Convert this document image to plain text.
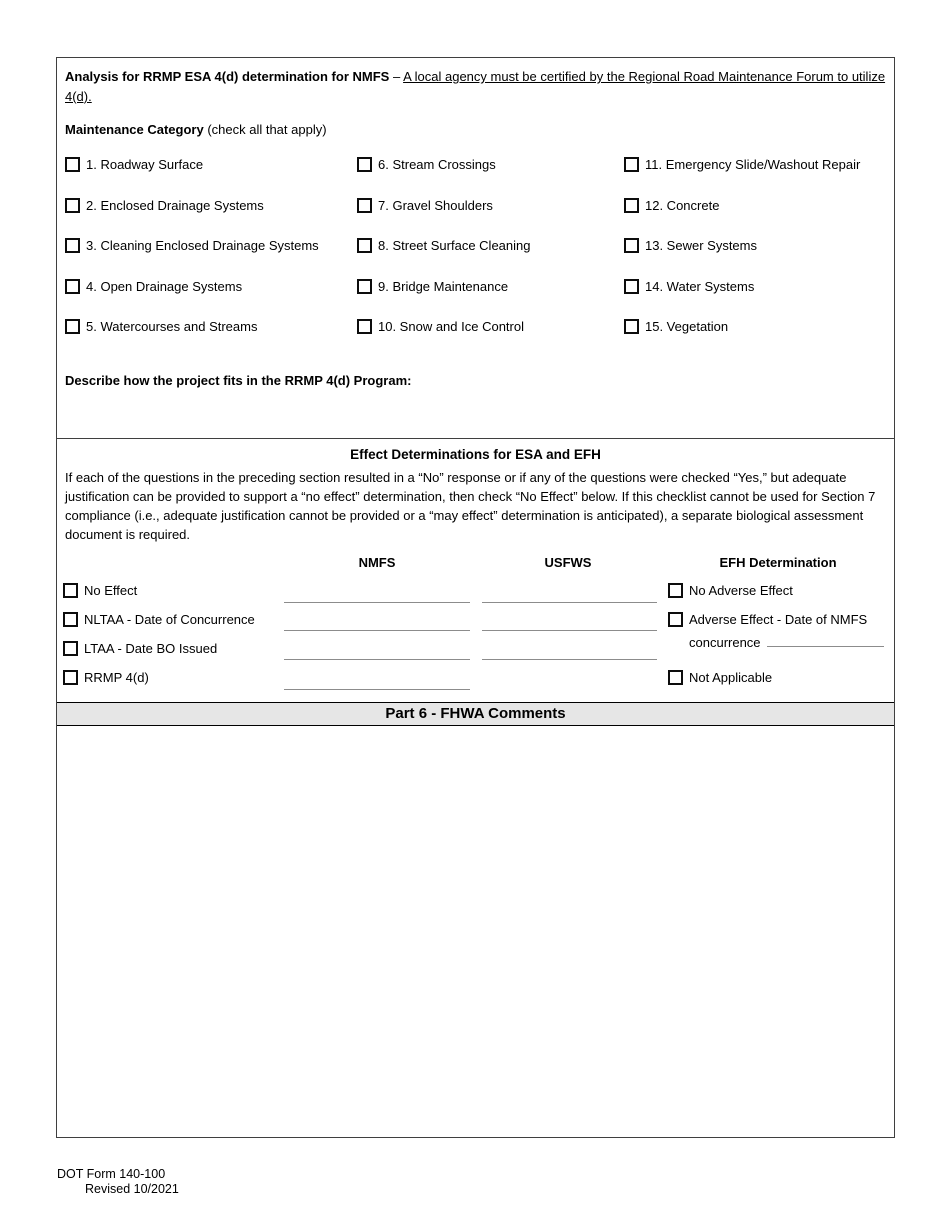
Analysis for RRMP ESA 4(d) determination for NMFS – A local agency must be certified by the Regional Road Maintenance Forum to utilize 4(d).

Maintenance Category (check all that apply)

1. Roadway Surface
2. Enclosed Drainage Systems
3. Cleaning Enclosed Drainage Systems
4. Open Drainage Systems
5. Watercourses and Streams
6. Stream Crossings
7. Gravel Shoulders
8. Street Surface Cleaning
9. Bridge Maintenance
10. Snow and Ice Control
11. Emergency Slide/Washout Repair
12. Concrete
13. Sewer Systems
14. Water Systems
15. Vegetation

Describe how the project fits in the RRMP 4(d) Program:

Effect Determinations for ESA and EFH

If each of the questions in the preceding section resulted in a “No” response or if any of the questions were checked “Yes,” but adequate justification can be provided to support a “no effect” determination, then check “No Effect” below. If this checklist cannot be used for Section 7 compliance (i.e., adequate justification cannot be provided or a “may effect” determination is anticipated), a separate biological assessment document is required.

NMFS	USFWS	EFH Determination
No Effect
NLTAA - Date of Concurrence
LTAA - Date BO Issued
RRMP 4(d)
No Adverse Effect
Adverse Effect - Date of NMFS
concurrence
Not Applicable
Part 6 - FHWA Comments
DOT Form 140-100
Revised 10/2021
